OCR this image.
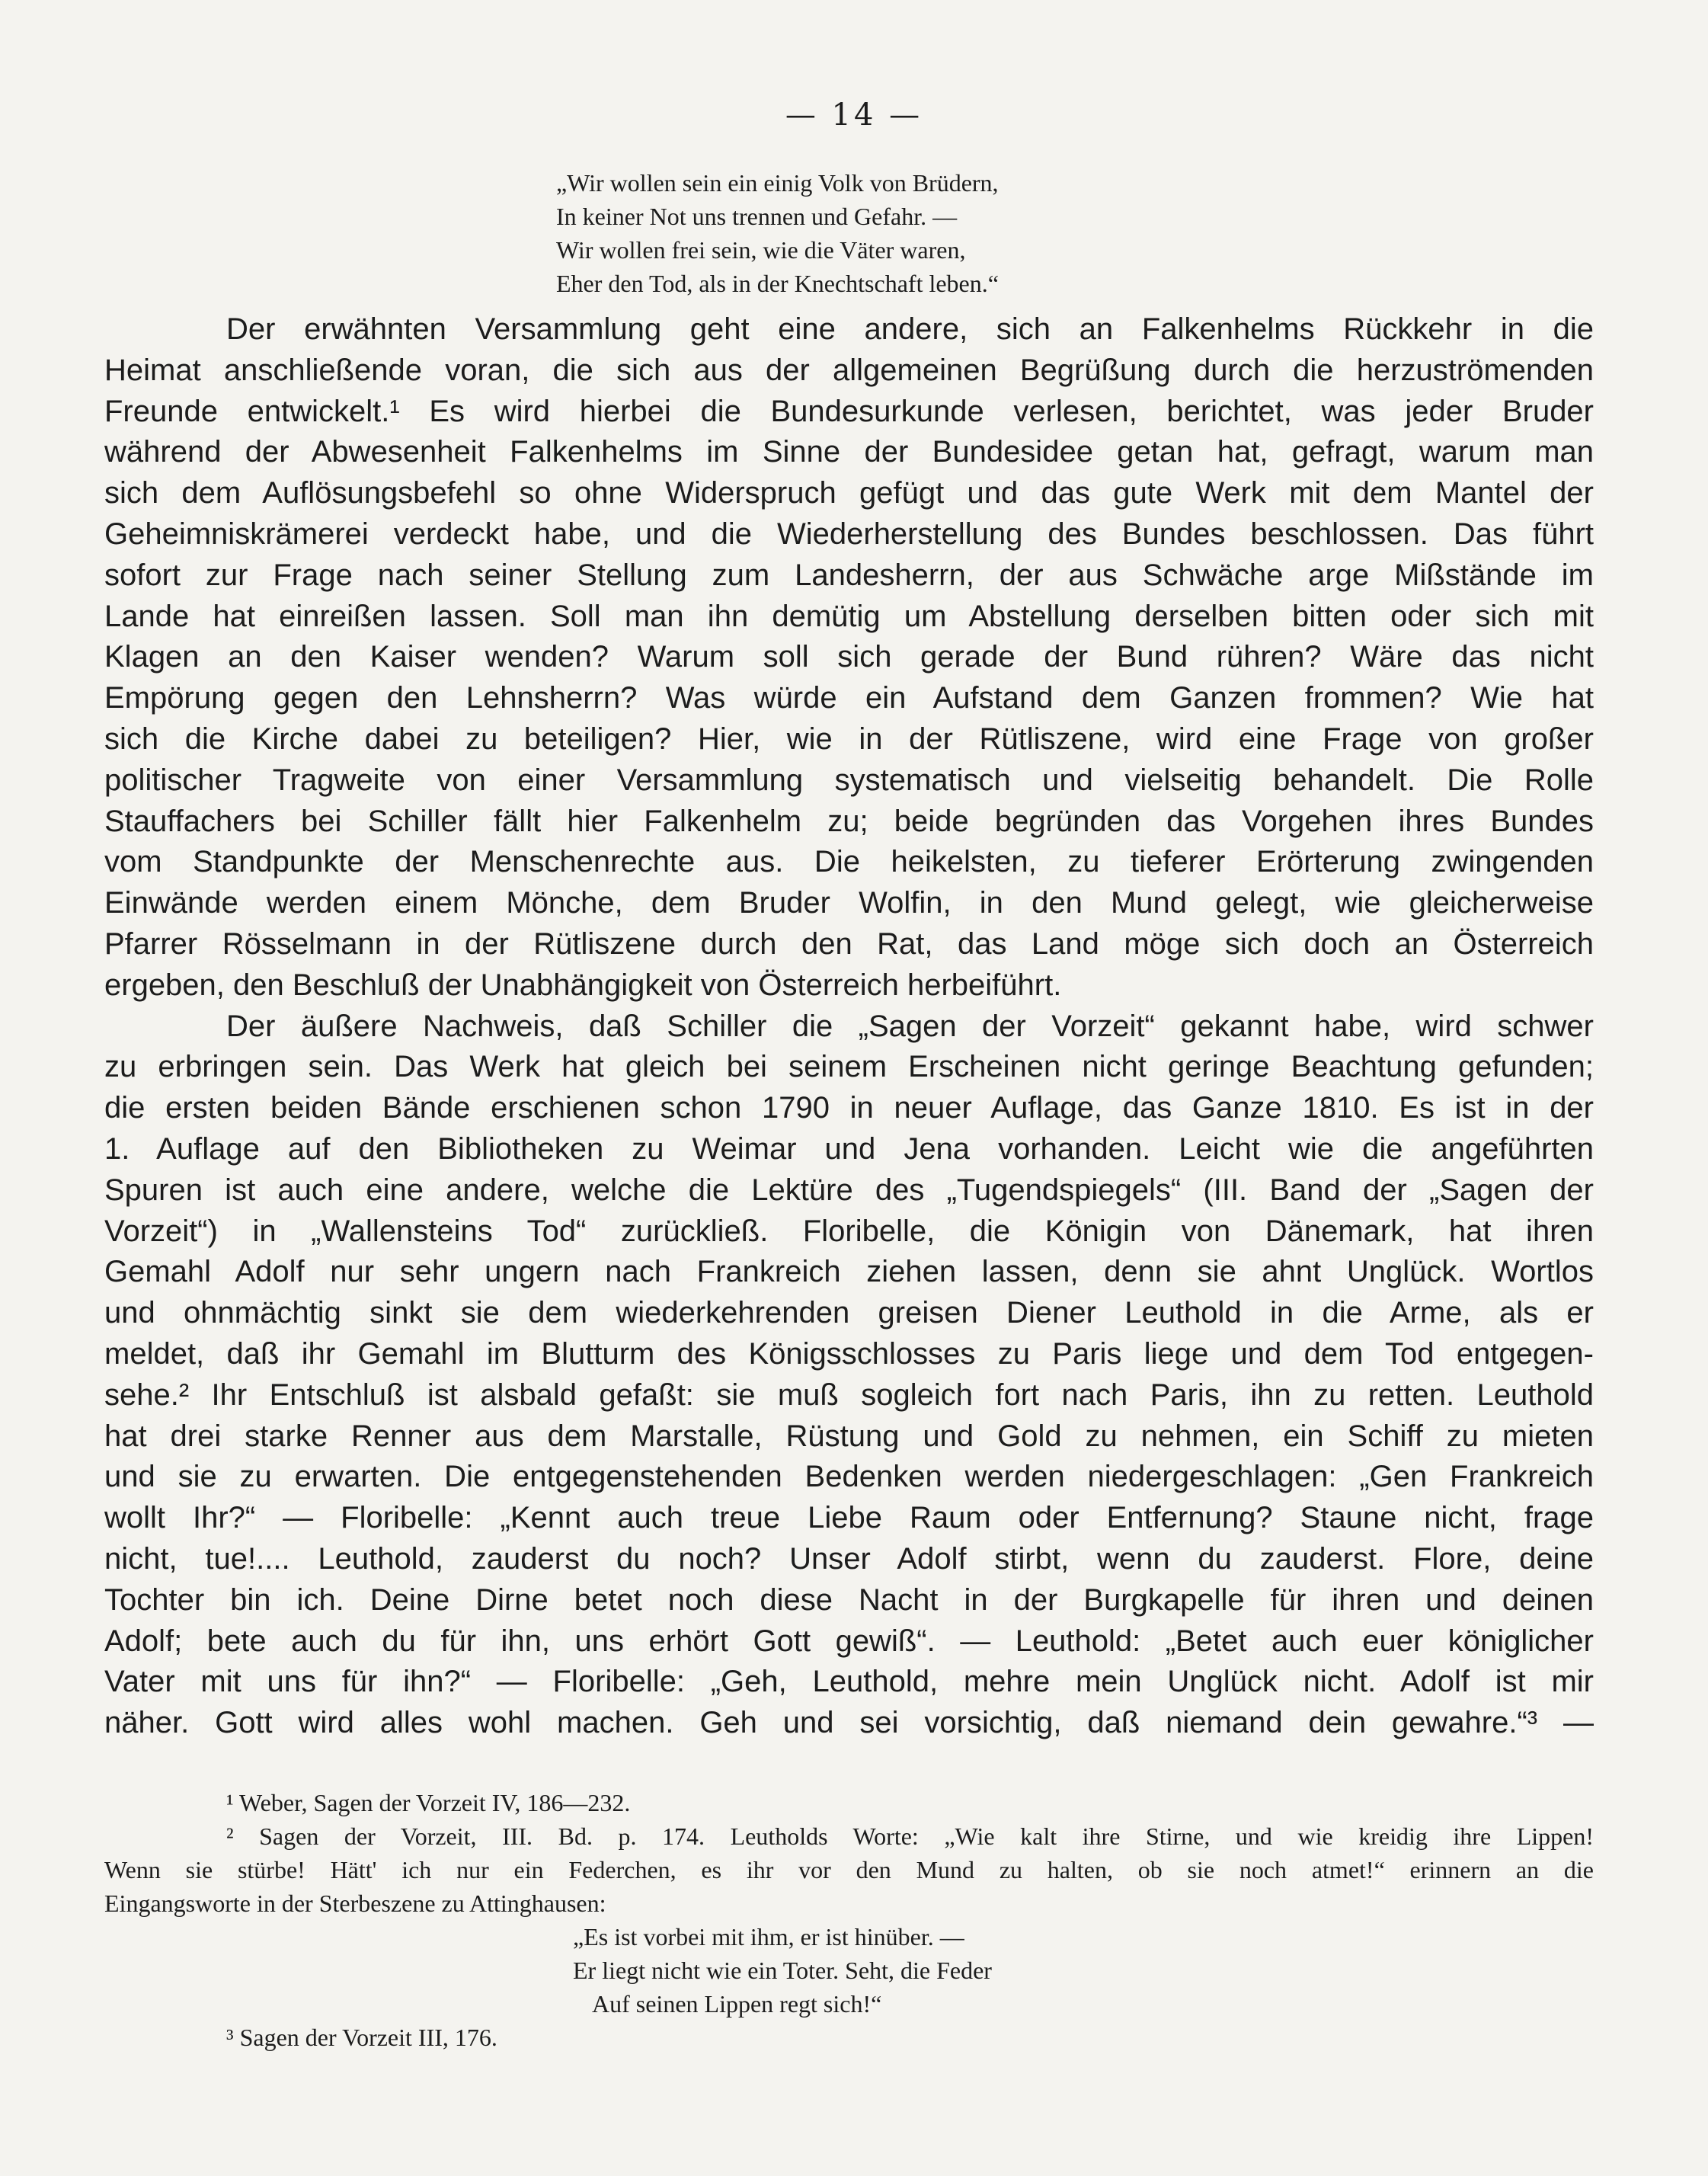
— 14 —
„Wir wollen sein ein einig Volk von Brüdern,
In keiner Not uns trennen und Gefahr. —
Wir wollen frei sein, wie die Väter waren,
Eher den Tod, als in der Knechtschaft leben.“
Der erwähnten Versammlung geht eine andere, sich an Falkenhelms Rückkehr in die
Heimat anschließende voran, die sich aus der allgemeinen Begrüßung durch die herzuströmenden
Freunde entwickelt.¹ Es wird hierbei die Bundesurkunde verlesen, berichtet, was jeder Bruder
während der Abwesenheit Falkenhelms im Sinne der Bundesidee getan hat, gefragt, warum man
sich dem Auflösungsbefehl so ohne Widerspruch gefügt und das gute Werk mit dem Mantel der
Geheimniskrämerei verdeckt habe, und die Wiederherstellung des Bundes beschlossen. Das führt
sofort zur Frage nach seiner Stellung zum Landesherrn, der aus Schwäche arge Mißstände im
Lande hat einreißen lassen. Soll man ihn demütig um Abstellung derselben bitten oder sich mit
Klagen an den Kaiser wenden? Warum soll sich gerade der Bund rühren? Wäre das nicht
Empörung gegen den Lehnsherrn? Was würde ein Aufstand dem Ganzen frommen? Wie hat
sich die Kirche dabei zu beteiligen? Hier, wie in der Rütliszene, wird eine Frage von großer
politischer Tragweite von einer Versammlung systematisch und vielseitig behandelt. Die Rolle
Stauffachers bei Schiller fällt hier Falkenhelm zu; beide begründen das Vorgehen ihres Bundes
vom Standpunkte der Menschenrechte aus. Die heikelsten, zu tieferer Erörterung zwingenden
Einwände werden einem Mönche, dem Bruder Wolfin, in den Mund gelegt, wie gleicherweise
Pfarrer Rösselmann in der Rütliszene durch den Rat, das Land möge sich doch an Österreich
ergeben, den Beschluß der Unabhängigkeit von Österreich herbeiführt.
Der äußere Nachweis, daß Schiller die „Sagen der Vorzeit“ gekannt habe, wird schwer
zu erbringen sein. Das Werk hat gleich bei seinem Erscheinen nicht geringe Beachtung gefunden;
die ersten beiden Bände erschienen schon 1790 in neuer Auflage, das Ganze 1810. Es ist in der
1. Auflage auf den Bibliotheken zu Weimar und Jena vorhanden. Leicht wie die angeführten
Spuren ist auch eine andere, welche die Lektüre des „Tugendspiegels“ (III. Band der „Sagen der
Vorzeit“) in „Wallensteins Tod“ zurückließ. Floribelle, die Königin von Dänemark, hat ihren
Gemahl Adolf nur sehr ungern nach Frankreich ziehen lassen, denn sie ahnt Unglück. Wortlos
und ohnmächtig sinkt sie dem wiederkehrenden greisen Diener Leuthold in die Arme, als er
meldet, daß ihr Gemahl im Blutturm des Königsschlosses zu Paris liege und dem Tod entgegen-
sehe.² Ihr Entschluß ist alsbald gefaßt: sie muß sogleich fort nach Paris, ihn zu retten. Leuthold
hat drei starke Renner aus dem Marstalle, Rüstung und Gold zu nehmen, ein Schiff zu mieten
und sie zu erwarten. Die entgegenstehenden Bedenken werden niedergeschlagen: „Gen Frankreich
wollt Ihr?“ — Floribelle: „Kennt auch treue Liebe Raum oder Entfernung? Staune nicht, frage
nicht, tue!.... Leuthold, zauderst du noch? Unser Adolf stirbt, wenn du zauderst. Flore, deine
Tochter bin ich. Deine Dirne betet noch diese Nacht in der Burgkapelle für ihren und deinen
Adolf; bete auch du für ihn, uns erhört Gott gewiß“. — Leuthold: „Betet auch euer königlicher
Vater mit uns für ihn?“ — Floribelle: „Geh, Leuthold, mehre mein Unglück nicht. Adolf ist mir
näher. Gott wird alles wohl machen. Geh und sei vorsichtig, daß niemand dein gewahre.“³ —
¹ Weber, Sagen der Vorzeit IV, 186—232.
² Sagen der Vorzeit, III. Bd. p. 174. Leutholds Worte: „Wie kalt ihre Stirne, und wie kreidig ihre Lippen!
Wenn sie stürbe! Hätt' ich nur ein Federchen, es ihr vor den Mund zu halten, ob sie noch atmet!“ erinnern an die
Eingangsworte in der Sterbeszene zu Attinghausen:
„Es ist vorbei mit ihm, er ist hinüber. —
Er liegt nicht wie ein Toter. Seht, die Feder
Auf seinen Lippen regt sich!“
³ Sagen der Vorzeit III, 176.
